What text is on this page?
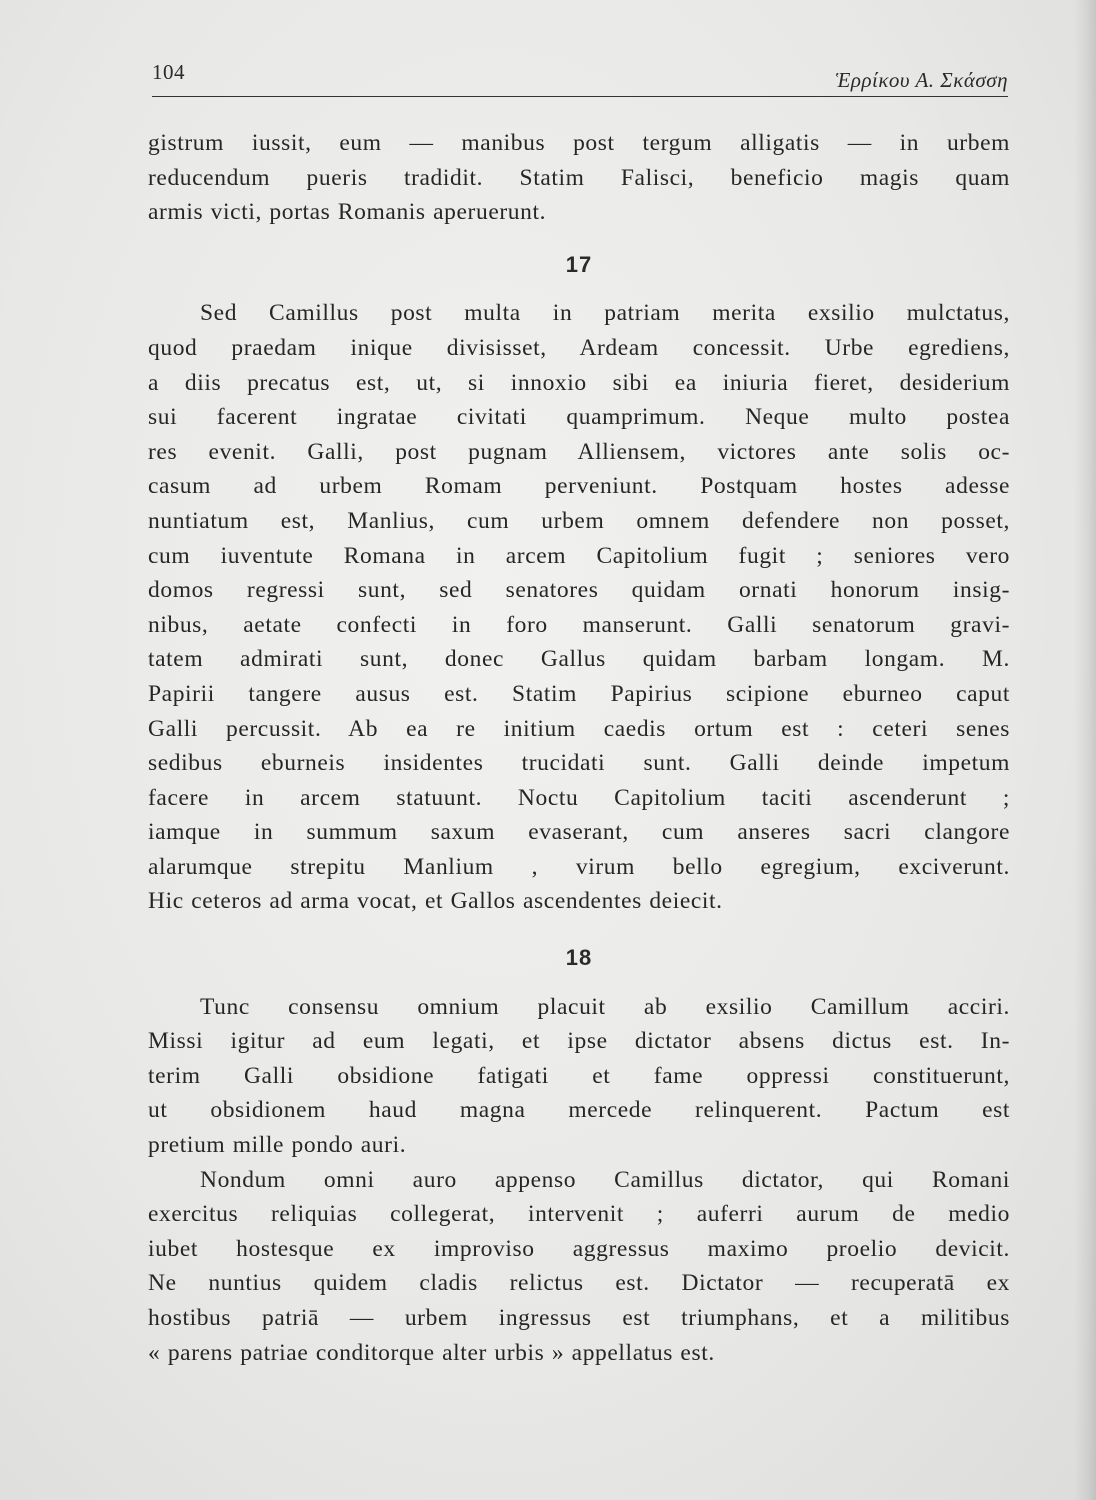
104	Ἑρρίκου Α. Σκάσση
gistrum iussit, eum — manibus post tergum alligatis — in urbem
reducendum pueris tradidit. Statim Falisci, beneficio magis quam
armis victi, portas Romanis aperuerunt.
17
Sed Camillus post multa in patriam merita exsilio mulctatus,
quod praedam inique divisisset, Ardeam concessit. Urbe egrediens,
a diis precatus est, ut, si innoxio sibi ea iniuria fieret, desiderium
sui facerent ingratae civitati quamprimum. Neque multo postea
res evenit. Galli, post pugnam Alliensem, victores ante solis oc-
casum ad urbem Romam perveniunt. Postquam hostes adesse
nuntiatum est, Manlius, cum urbem omnem defendere non posset,
cum iuventute Romana in arcem Capitolium fugit ; seniores vero
domos regressi sunt, sed senatores quidam ornati honorum insig-
nibus, aetate confecti in foro manserunt. Galli senatorum gravi-
tatem admirati sunt, donec Gallus quidam barbam longam. M.
Papirii tangere ausus est. Statim Papirius scipione eburneo caput
Galli percussit. Ab ea re initium caedis ortum est : ceteri senes
sedibus eburneis insidentes trucidati sunt. Galli deinde impetum
facere in arcem statuunt. Noctu Capitolium taciti ascenderunt ;
iamque in summum saxum evaserant, cum anseres sacri clangore
alarumque strepitu Manlium , virum bello egregium, exciverunt.
Hic ceteros ad arma vocat, et Gallos ascendentes deiecit.
18
Tunc consensu omnium placuit ab exsilio Camillum acciri.
Missi igitur ad eum legati, et ipse dictator absens dictus est. In-
terim Galli obsidione fatigati et fame oppressi constituerunt,
ut obsidionem haud magna mercede relinquerent. Pactum est
pretium mille pondo auri.
Nondum omni auro appenso Camillus dictator, qui Romani
exercitus reliquias collegerat, intervenit ; auferri aurum de medio
iubet hostesque ex improviso aggressus maximo proelio devicit.
Ne nuntius quidem cladis relictus est. Dictator — recuperatā ex
hostibus patriā — urbem ingressus est triumphans, et a militibus
« parens patriae conditorque alter urbis » appellatus est.
